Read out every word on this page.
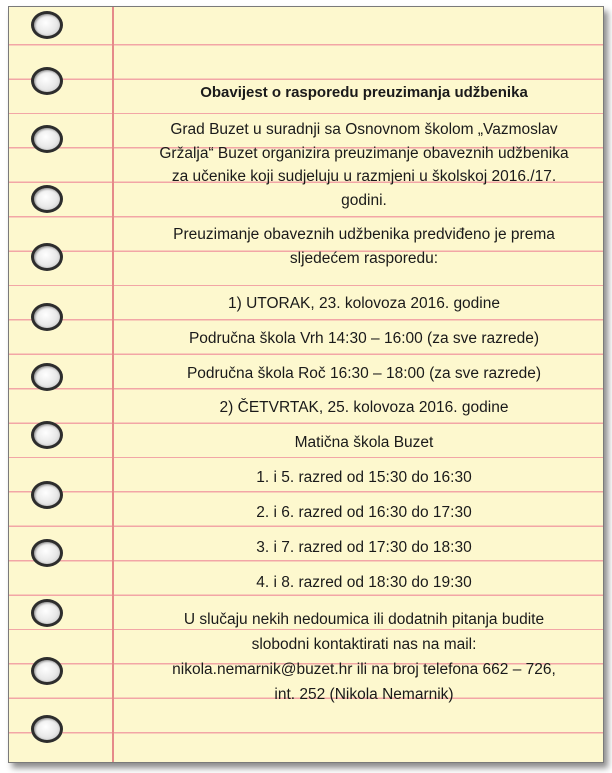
Obavijest o rasporedu preuzimanja udžbenika
Grad Buzet u suradnji sa Osnovnom školom „Vazmoslav
Gržalja“ Buzet organizira preuzimanje obaveznih udžbenika
za učenike koji sudjeluju u razmjeni u školskoj 2016./17.
godini.
Preuzimanje obaveznih udžbenika predviđeno je prema
sljedećem rasporedu:
1) UTORAK, 23. kolovoza 2016. godine
Područna škola Vrh 14:30 – 16:00 (za sve razrede)
Područna škola Roč 16:30 – 18:00 (za sve razrede)
2) ČETVRTAK, 25. kolovoza 2016. godine
Matična škola Buzet
1. i 5. razred od 15:30 do 16:30
2. i 6. razred od 16:30 do 17:30
3. i 7. razred od 17:30 do 18:30
4. i 8. razred od 18:30 do 19:30
U slučaju nekih nedoumica ili dodatnih pitanja budite
slobodni kontaktirati nas na mail:
nikola.nemarnik@buzet.hr ili na broj telefona 662 – 726,
int. 252 (Nikola Nemarnik)
